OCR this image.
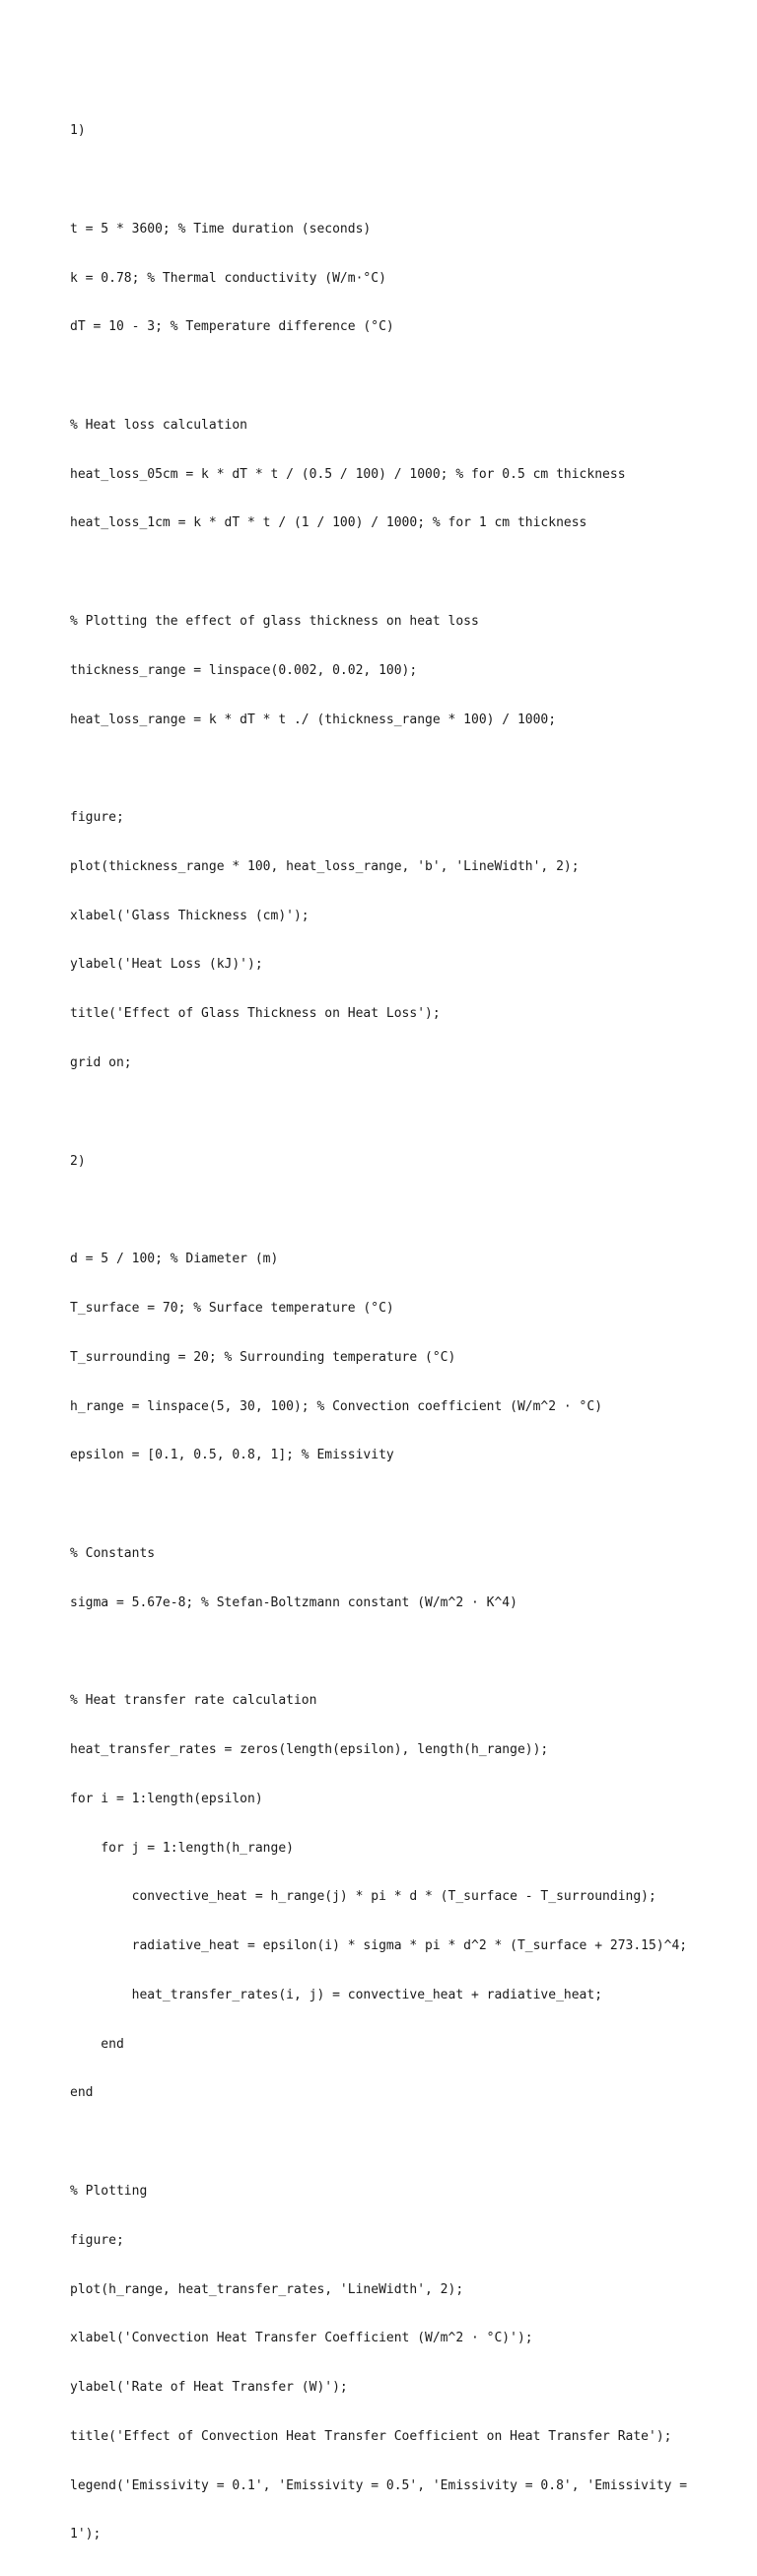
1)

t = 5 * 3600; % Time duration (seconds)

k = 0.78; % Thermal conductivity (W/m·°C)

dT = 10 - 3; % Temperature difference (°C)

% Heat loss calculation

heat_loss_05cm = k * dT * t / (0.5 / 100) / 1000; % for 0.5 cm thickness

heat_loss_1cm = k * dT * t / (1 / 100) / 1000; % for 1 cm thickness

% Plotting the effect of glass thickness on heat loss

thickness_range = linspace(0.002, 0.02, 100);

heat_loss_range = k * dT * t ./ (thickness_range * 100) / 1000;

figure;

plot(thickness_range * 100, heat_loss_range, 'b', 'LineWidth', 2);

xlabel('Glass Thickness (cm)');

ylabel('Heat Loss (kJ)');

title('Effect of Glass Thickness on Heat Loss');

grid on;

2)

d = 5 / 100; % Diameter (m)

T_surface = 70; % Surface temperature (°C)

T_surrounding = 20; % Surrounding temperature (°C)

h_range = linspace(5, 30, 100); % Convection coefficient (W/m^2 · °C)

epsilon = [0.1, 0.5, 0.8, 1]; % Emissivity

% Constants

sigma = 5.67e-8; % Stefan-Boltzmann constant (W/m^2 · K^4)

% Heat transfer rate calculation

heat_transfer_rates = zeros(length(epsilon), length(h_range));

for i = 1:length(epsilon)

for j = 1:length(h_range)

convective_heat = h_range(j) * pi * d * (T_surface - T_surrounding);

radiative_heat = epsilon(i) * sigma * pi * d^2 * (T_surface + 273.15)^4;

heat_transfer_rates(i, j) = convective_heat + radiative_heat;

end

end

% Plotting

figure;

plot(h_range, heat_transfer_rates, 'LineWidth', 2);

xlabel('Convection Heat Transfer Coefficient (W/m^2 · °C)');

ylabel('Rate of Heat Transfer (W)');

title('Effect of Convection Heat Transfer Coefficient on Heat Transfer Rate');

legend('Emissivity = 0.1', 'Emissivity = 0.5', 'Emissivity = 0.8', 'Emissivity =

1');
